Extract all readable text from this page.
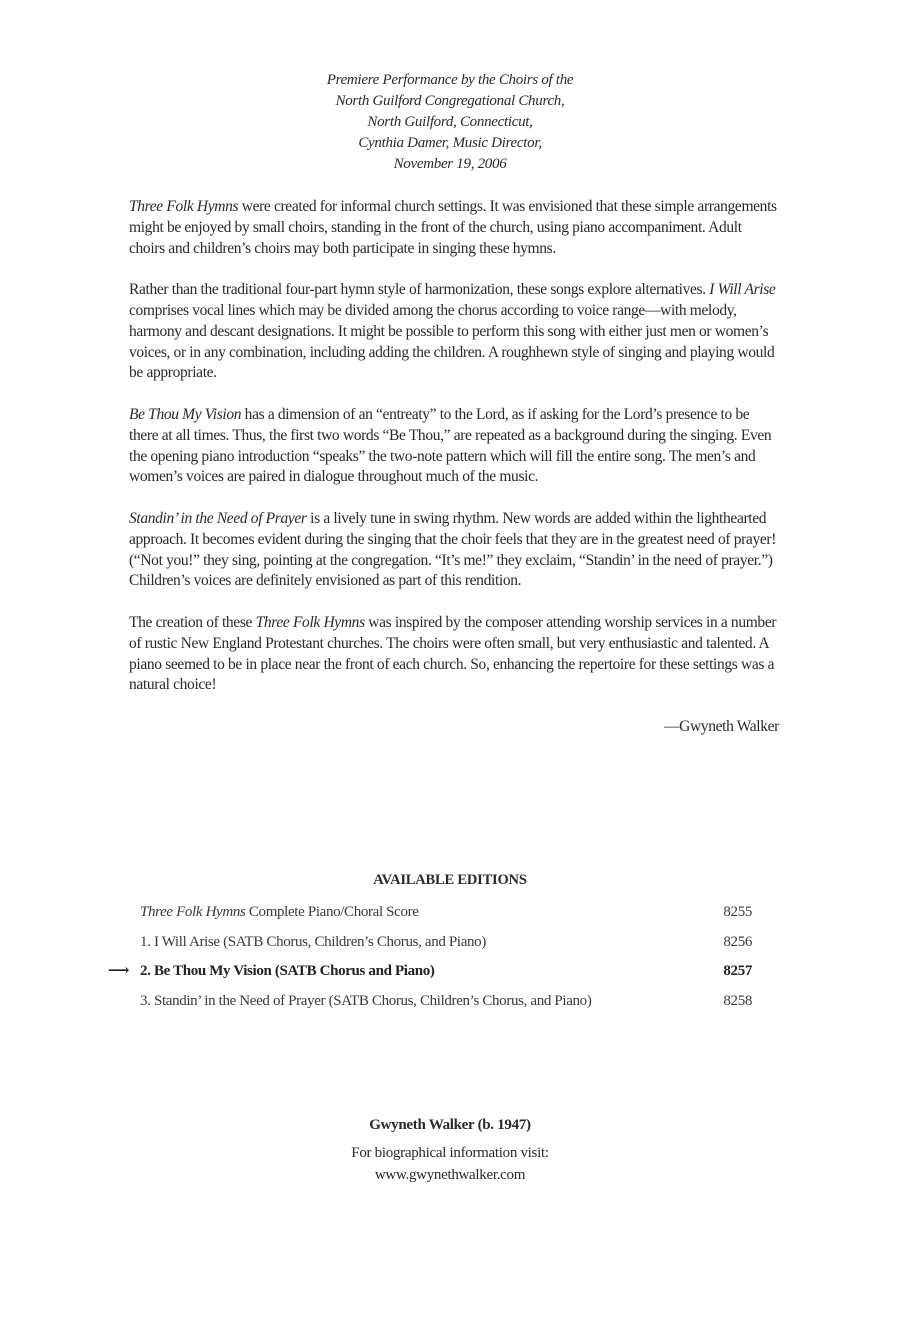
Premiere Performance by the Choirs of the
North Guilford Congregational Church,
North Guilford, Connecticut,
Cynthia Damer, Music Director,
November 19, 2006

Three Folk Hymns were created for informal church settings. It was envisioned that these simple arrangements might be enjoyed by small choirs, standing in the front of the church, using piano accompaniment. Adult choirs and children’s choirs may both participate in singing these hymns.

Rather than the traditional four-part hymn style of harmonization, these songs explore alternatives. I Will Arise comprises vocal lines which may be divided among the chorus according to voice range—with melody, harmony and descant designations. It might be possible to perform this song with either just men or women’s voices, or in any combination, including adding the children. A roughhewn style of singing and playing would be appropriate.

Be Thou My Vision has a dimension of an “entreaty” to the Lord, as if asking for the Lord’s presence to be there at all times. Thus, the first two words “Be Thou,” are repeated as a background during the singing. Even the opening piano introduction “speaks” the two-note pattern which will fill the entire song. The men’s and women’s voices are paired in dialogue throughout much of the music.

Standin’ in the Need of Prayer is a lively tune in swing rhythm. New words are added within the lighthearted approach. It becomes evident during the singing that the choir feels that they are in the greatest need of prayer! (“Not you!” they sing, pointing at the congregation. “It’s me!” they exclaim, “Standin’ in the need of prayer.”) Children’s voices are definitely envisioned as part of this rendition.

The creation of these Three Folk Hymns was inspired by the composer attending worship services in a number of rustic New England Protestant churches. The choirs were often small, but very enthusiastic and talented. A piano seemed to be in place near the front of each church. So, enhancing the repertoire for these settings was a natural choice!

—Gwyneth Walker

AVAILABLE EDITIONS
Three Folk Hymns Complete Piano/Choral Score	8255
1. I Will Arise (SATB Chorus, Children’s Chorus, and Piano)	8256
⟶ 2. Be Thou My Vision (SATB Chorus and Piano)	8257
3. Standin’ in the Need of Prayer (SATB Chorus, Children’s Chorus, and Piano)	8258
Gwyneth Walker (b. 1947)
For biographical information visit:
www.gwynethwalker.com
